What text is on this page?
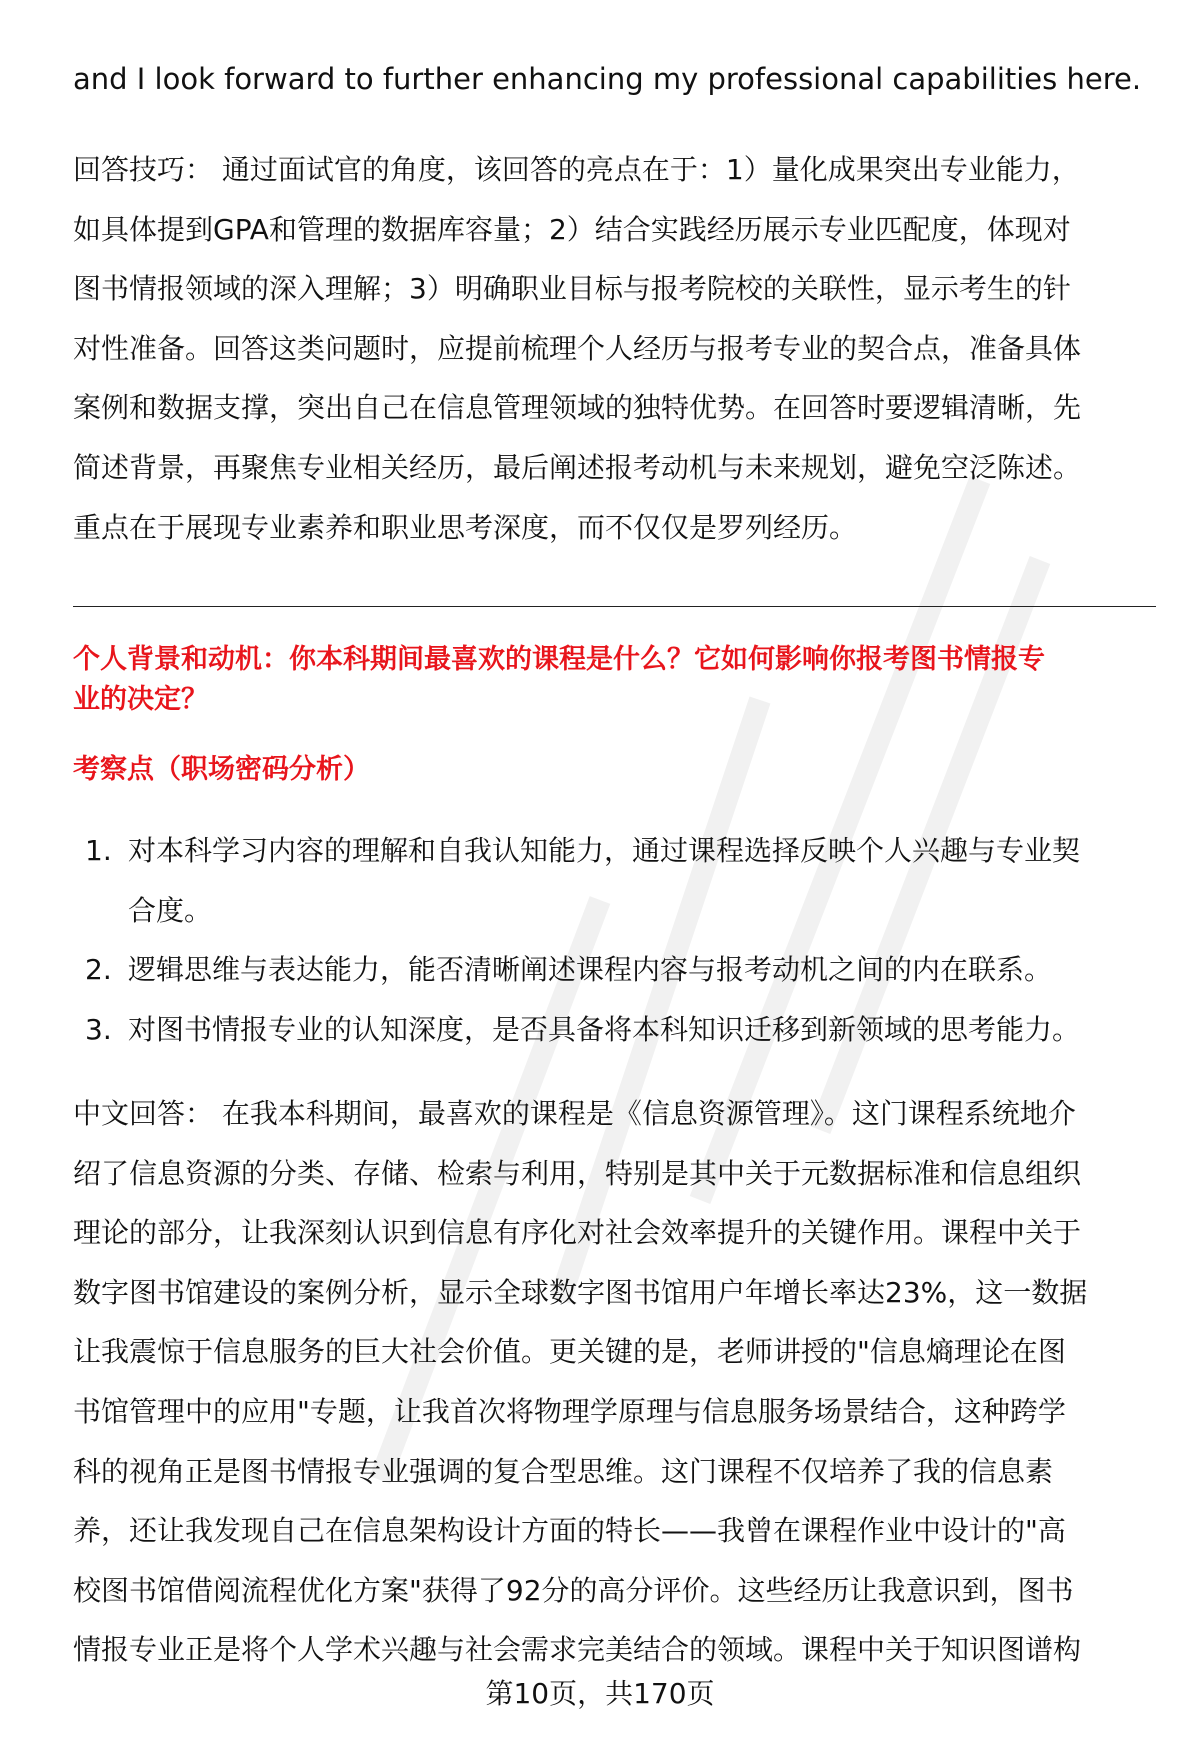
and I look forward to further enhancing my professional capabilities here.
回答技巧： 通过面试官的角度，该回答的亮点在于：1）量化成果突出专业能力，
如具体提到GPA和管理的数据库容量；2）结合实践经历展示专业匹配度，体现对
图书情报领域的深入理解；3）明确职业目标与报考院校的关联性，显示考生的针
对性准备。回答这类问题时，应提前梳理个人经历与报考专业的契合点，准备具体
案例和数据支撑，突出自己在信息管理领域的独特优势。在回答时要逻辑清晰，先
简述背景，再聚焦专业相关经历，最后阐述报考动机与未来规划，避免空泛陈述。
重点在于展现专业素养和职业思考深度，而不仅仅是罗列经历。
个人背景和动机：你本科期间最喜欢的课程是什么？它如何影响你报考图书情报专
业的决定？
考察点（职场密码分析）
1. 对本科学习内容的理解和自我认知能力，通过课程选择反映个人兴趣与专业契
合度。
2. 逻辑思维与表达能力，能否清晰阐述课程内容与报考动机之间的内在联系。
3. 对图书情报专业的认知深度，是否具备将本科知识迁移到新领域的思考能力。
中文回答： 在我本科期间，最喜欢的课程是《信息资源管理》。这门课程系统地介
绍了信息资源的分类、存储、检索与利用，特别是其中关于元数据标准和信息组织
理论的部分，让我深刻认识到信息有序化对社会效率提升的关键作用。课程中关于
数字图书馆建设的案例分析，显示全球数字图书馆用户年增长率达23%，这一数据
让我震惊于信息服务的巨大社会价值。更关键的是，老师讲授的"信息熵理论在图
书馆管理中的应用"专题，让我首次将物理学原理与信息服务场景结合，这种跨学
科的视角正是图书情报专业强调的复合型思维。这门课程不仅培养了我的信息素
养，还让我发现自己在信息架构设计方面的特长——我曾在课程作业中设计的"高
校图书馆借阅流程优化方案"获得了92分的高分评价。这些经历让我意识到，图书
情报专业正是将个人学术兴趣与社会需求完美结合的领域。课程中关于知识图谱构
第10页，共170页
